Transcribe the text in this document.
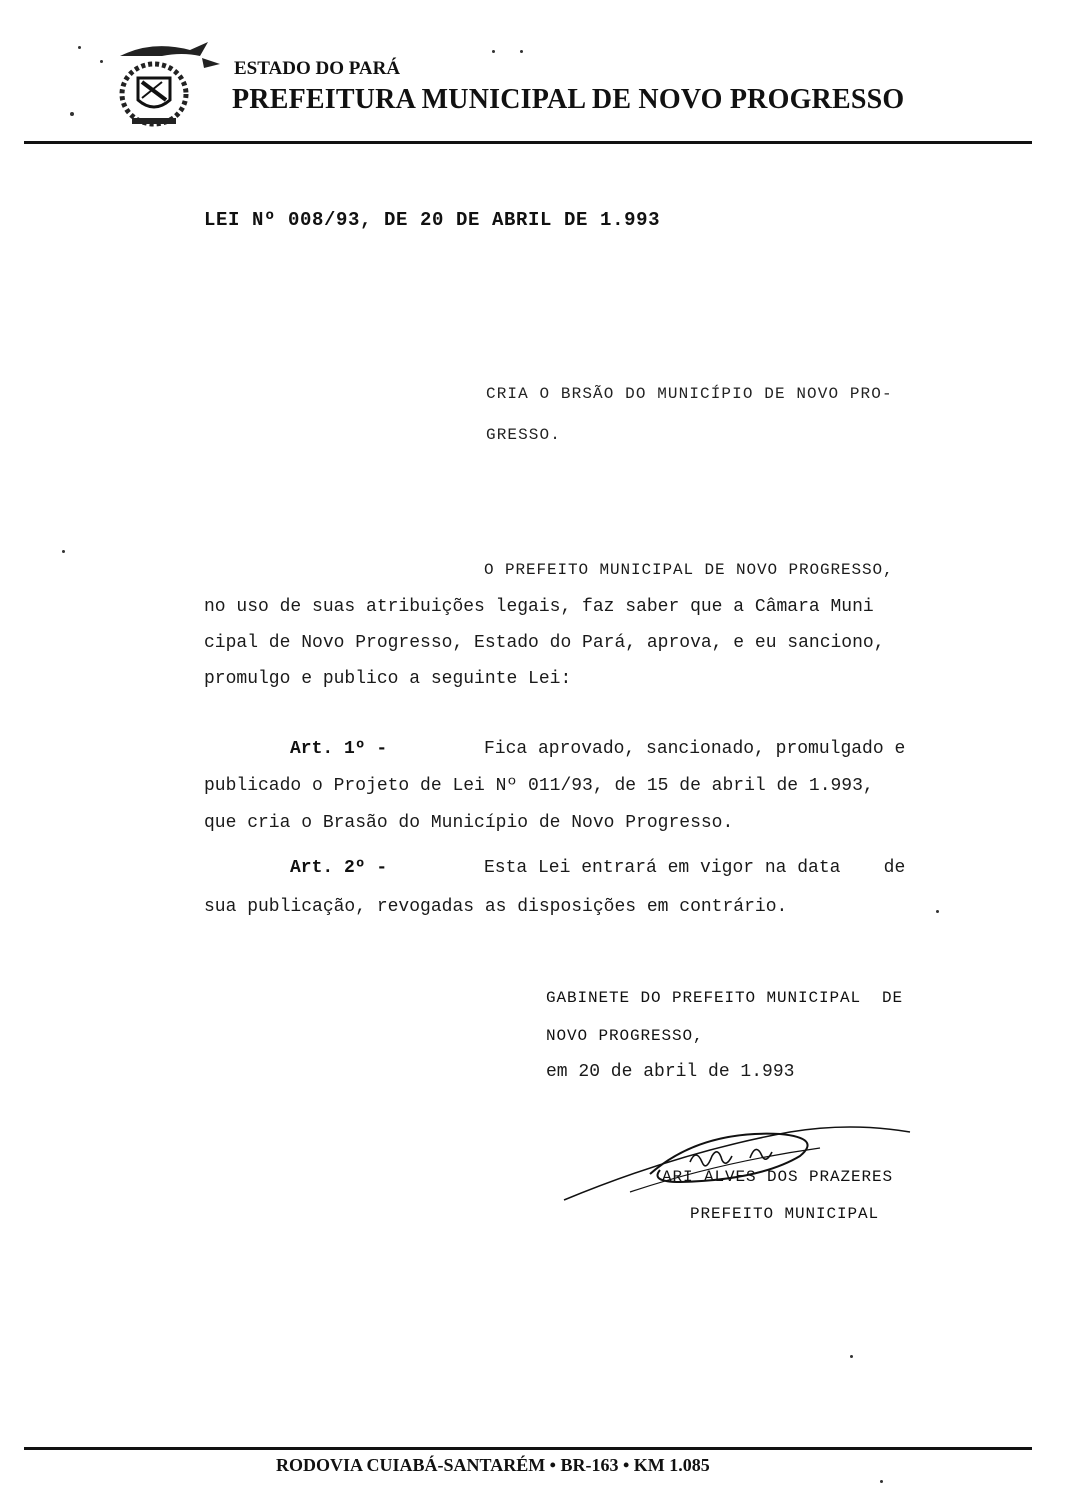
ESTADO DO PARÁ
PREFEITURA MUNICIPAL DE NOVO PROGRESSO
LEI Nº 008/93, DE 20 DE ABRIL DE 1.993
CRIA O BRSÃO DO MUNICÍPIO DE NOVO PRO-
GRESSO.
O PREFEITO MUNICIPAL DE NOVO PROGRESSO,
no uso de suas atribuições legais, faz saber que a Câmara Muni
cipal de Novo Progresso, Estado do Pará, aprova, e eu sanciono,
promulgo e publico a seguinte Lei:
Art. 1º -	Fica aprovado, sancionado, promulgado e
publicado o Projeto de Lei Nº 011/93, de 15 de abril de 1.993,
que cria o Brasão do Município de Novo Progresso.
Art. 2º -	Esta Lei entrará em vigor na data    de
sua publicação, revogadas as disposições em contrário.
GABINETE DO PREFEITO MUNICIPAL  DE
NOVO PROGRESSO,
em 20 de abril de 1.993
ARI ALVES DOS PRAZERES
PREFEITO MUNICIPAL
RODOVIA CUIABÁ-SANTARÉM • BR-163 • KM 1.085
